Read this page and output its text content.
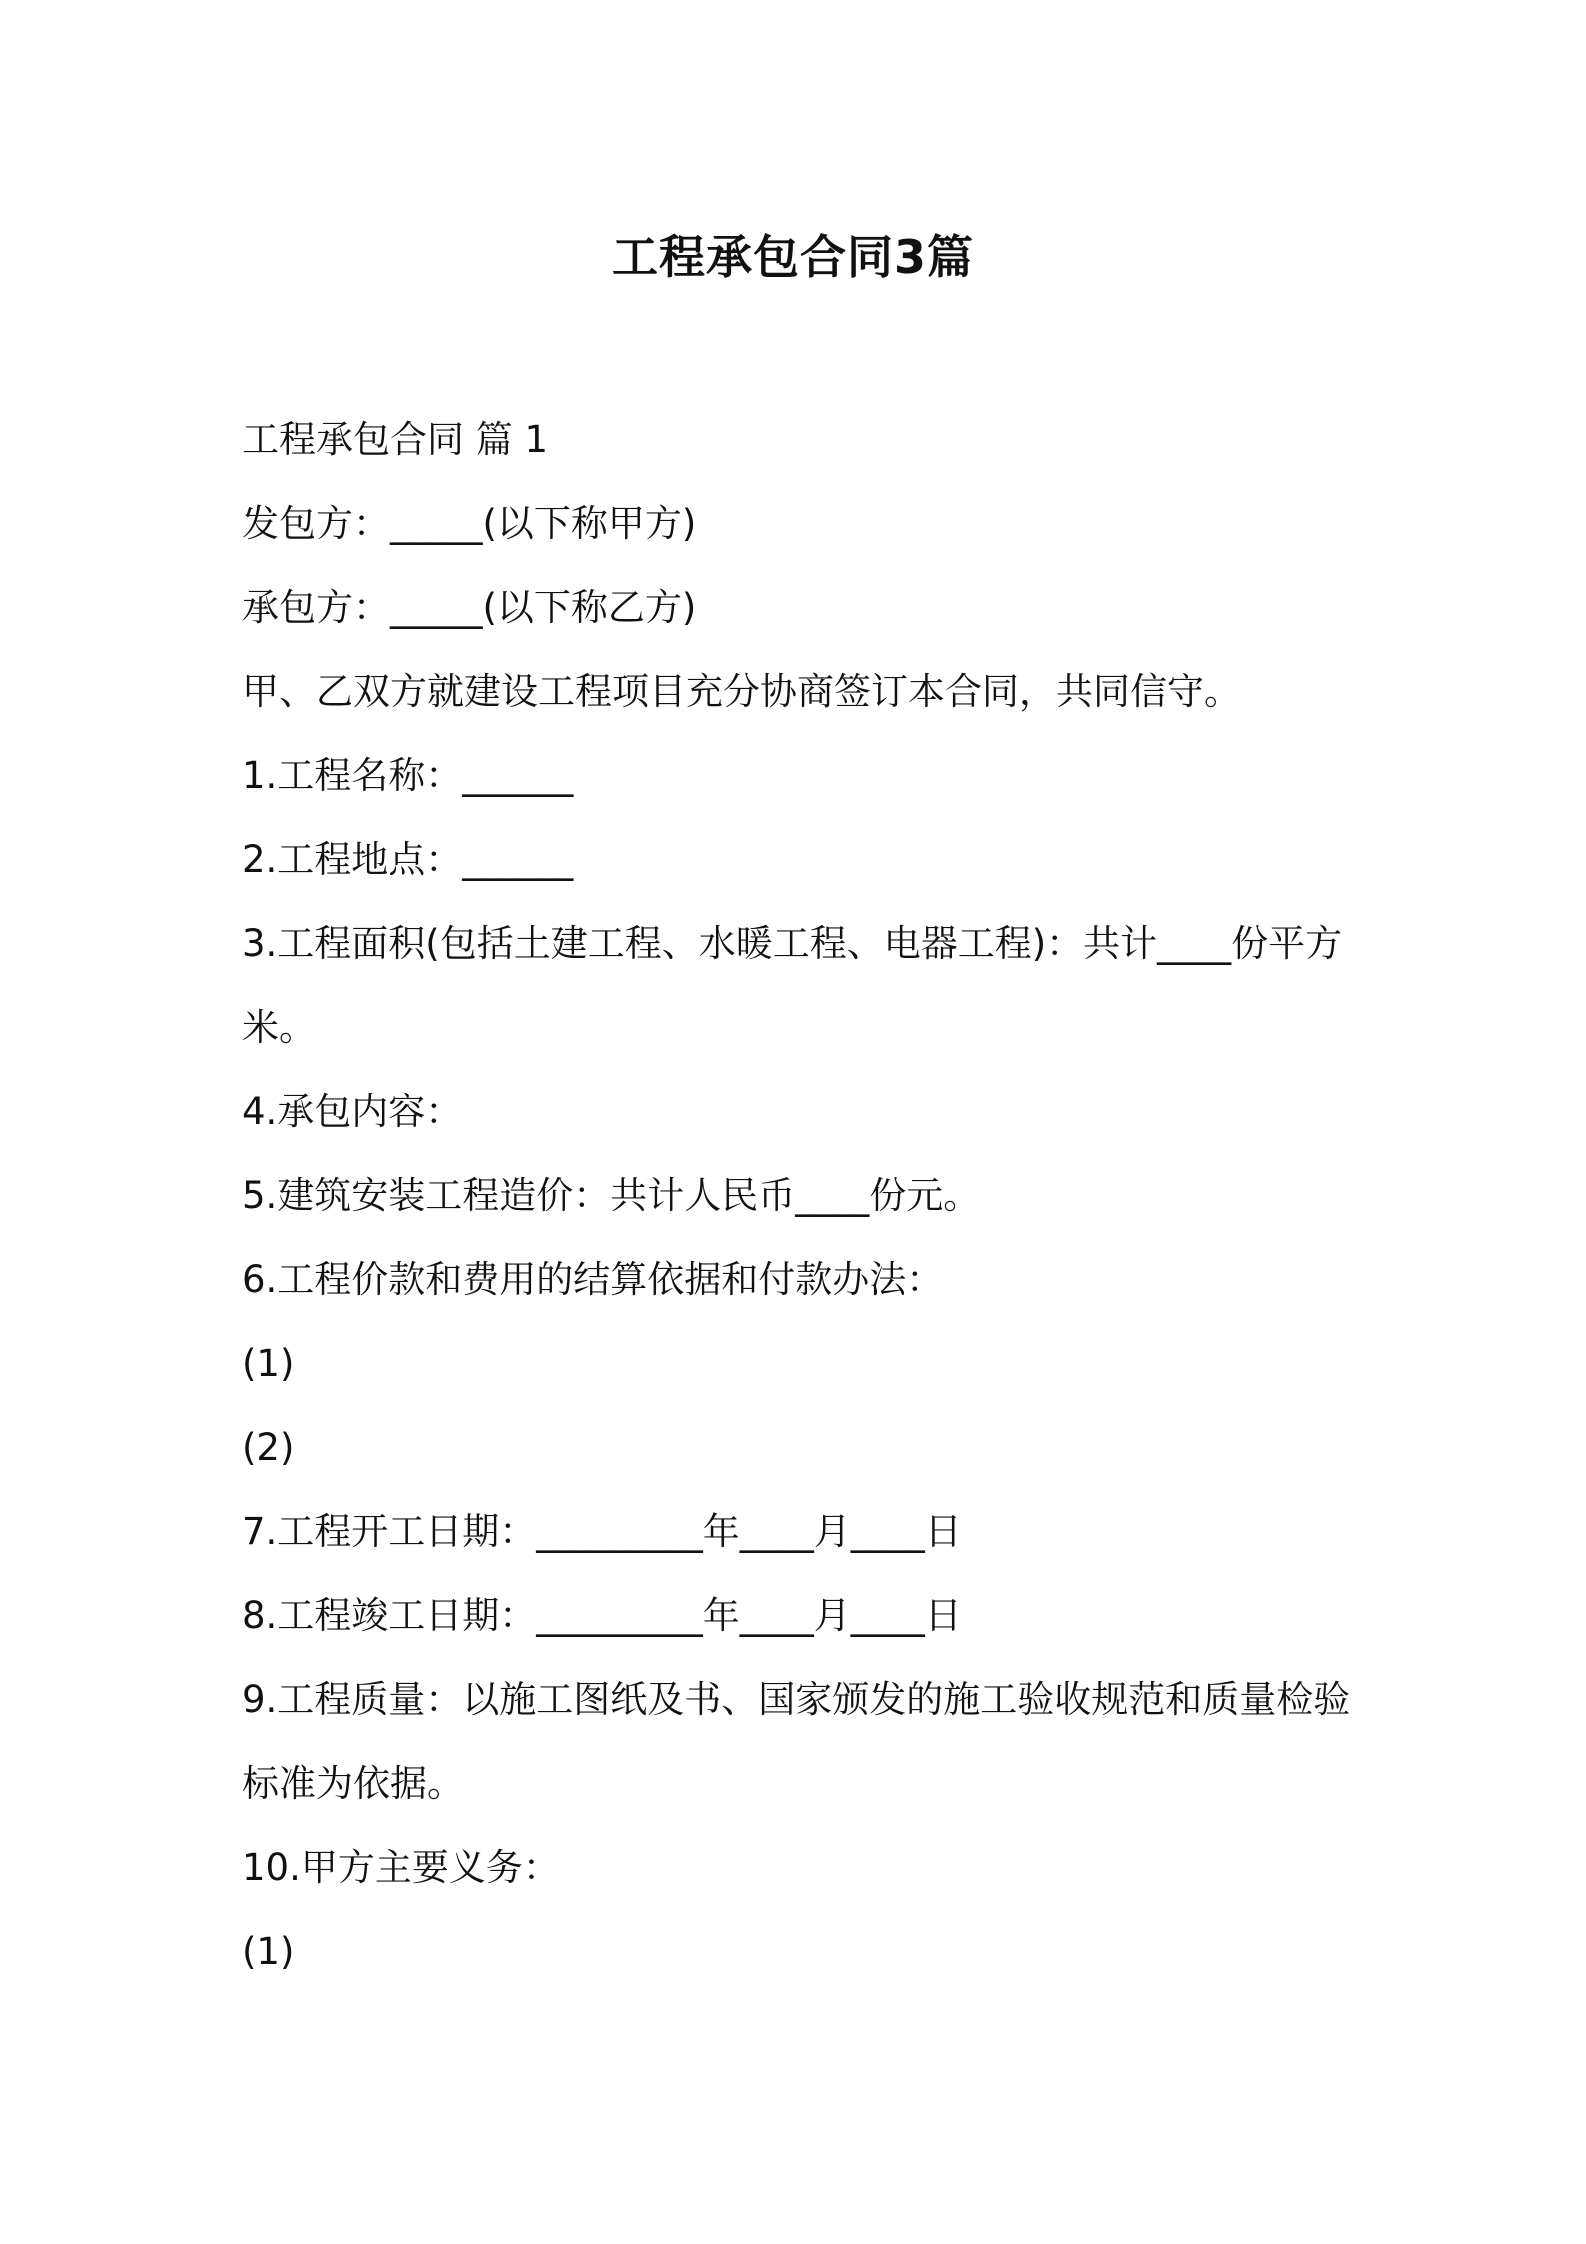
工程承包合同3篇

工程承包合同 篇 1

发包方：_____(以下称甲方)

承包方：_____(以下称乙方)

甲、乙双方就建设工程项目充分协商签订本合同，共同信守。

1.工程名称：______

2.工程地点：______

3.工程面积(包括土建工程、水暖工程、电器工程)：共计____份平方米。

4.承包内容：

5.建筑安装工程造价：共计人民币____份元。

6.工程价款和费用的结算依据和付款办法：

(1)

(2)

7.工程开工日期：_________年____月____日

8.工程竣工日期：_________年____月____日

9.工程质量：以施工图纸及书、国家颁发的施工验收规范和质量检验标准为依据。

10.甲方主要义务：

(1)
